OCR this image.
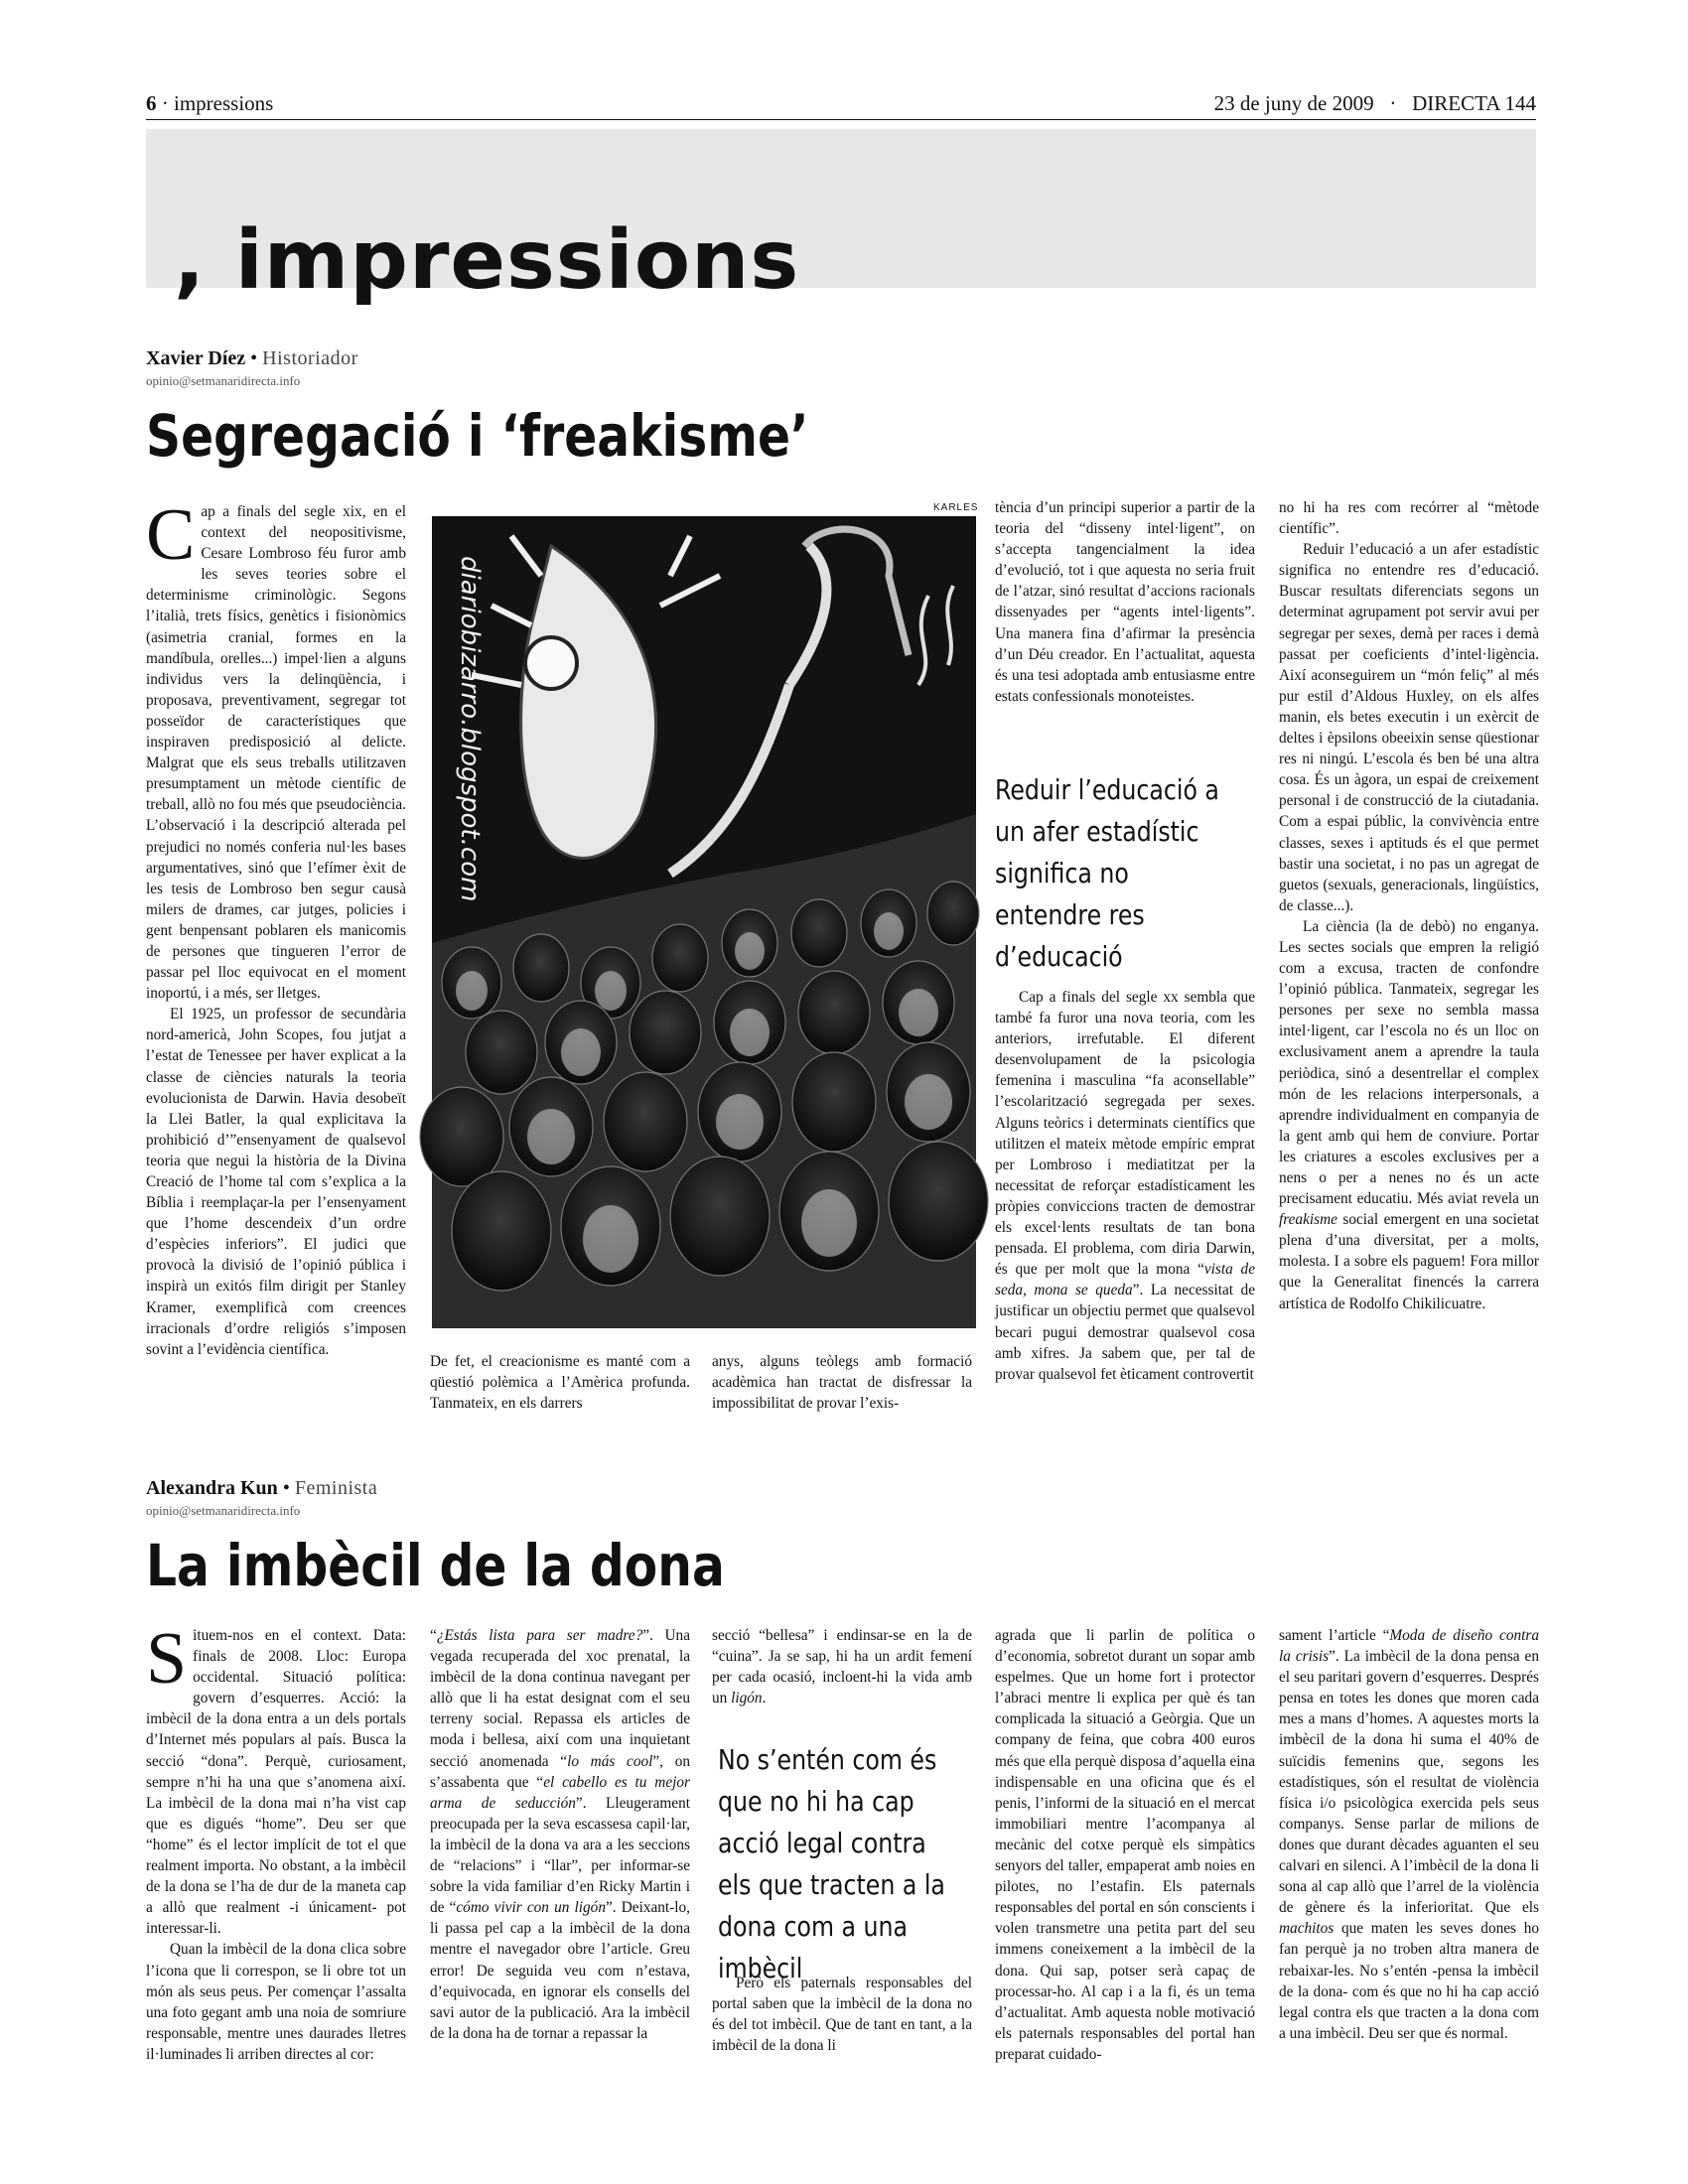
6 · impressions	23 de juny de 2009 · DIRECTA 144
, impressions
Xavier Díez • Historiador
opinio@setmanaridirecta.info
Segregació i ‘freakisme’

Cap a finals del segle xix, en el context del neopositivisme, Cesare Lombroso féu furor amb les seves teories sobre el determinisme criminològic. Segons l’italià, trets físics, genètics i fisionòmics (asimetria cranial, formes en la mandíbula, orelles...) impel·lien a alguns individus vers la delinqüència, i proposava, preventivament, segregar tot posseïdor de característiques que inspiraven predisposició al delicte. Malgrat que els seus treballs utilitzaven presumptament un mètode científic de treball, allò no fou més que pseudociència. L’observació i la descripció alterada pel prejudici no només conferia nul·les bases argumentatives, sinó que l’efímer èxit de les tesis de Lombroso ben segur causà milers de drames, car jutges, policies i gent benpensant poblaren els manicomis de persones que tingueren l’error de passar pel lloc equivocat en el moment inoportú, i a més, ser lletges.

El 1925, un professor de secundària nord-americà, John Scopes, fou jutjat a l’estat de Tenessee per haver explicat a la classe de ciències naturals la teoria evolucionista de Darwin. Havia desobeït la Llei Batler, la qual explicitava la prohibició d’”ensenyament de qualsevol teoria que negui la història de la Divina Creació de l’home tal com s’explica a la Bíblia i reemplaçar-la per l’ensenyament que l’home descendeix d’un ordre d’espècies inferiors”. El judici que provocà la divisió de l’opinió pública i inspirà un exitós film dirigit per Stanley Kramer, exemplificà com creences irracionals d’ordre religiós s’imposen sovint a l’evidència científica.

KARLES
diariobizarro.blogspot.com
De fet, el creacionisme es manté com a qüestió polèmica a l’Amèrica profunda. Tanmateix, en els darrers
anys, alguns teòlegs amb formació acadèmica han tractat de disfressar la impossibilitat de provar l’exis-

tència d’un principi superior a partir de la teoria del “disseny intel·ligent”, on s’accepta tangencialment la idea d’evolució, tot i que aquesta no seria fruit de l’atzar, sinó resultat d’accions racionals dissenyades per “agents intel·ligents”. Una manera fina d’afirmar la presència d’un Déu creador. En l’actualitat, aquesta és una tesi adoptada amb entusiasme entre estats confessionals monoteistes.

Reduir l’educació a un afer estadístic significa no entendre res d’educació

Cap a finals del segle xx sembla que també fa furor una nova teoria, com les anteriors, irrefutable. El diferent desenvolupament de la psicologia femenina i masculina “fa aconsellable” l’escolarització segregada per sexes. Alguns teòrics i determinats científics que utilitzen el mateix mètode empíric emprat per Lombroso i mediatitzat per la necessitat de reforçar estadísticament les pròpies conviccions tracten de demostrar els excel·lents resultats de tan bona pensada. El problema, com diria Darwin, és que per molt que la mona “vista de seda, mona se queda”. La necessitat de justificar un objectiu permet que qualsevol becari pugui demostrar qualsevol cosa amb xifres. Ja sabem que, per tal de provar qualsevol fet èticament controvertit

no hi ha res com recórrer al “mètode científic”.

Reduir l’educació a un afer estadístic significa no entendre res d’educació. Buscar resultats diferenciats segons un determinat agrupament pot servir avui per segregar per sexes, demà per races i demà passat per coeficients d’intel·ligència. Així aconseguirem un “món feliç” al més pur estil d’Aldous Huxley, on els alfes manin, els betes executin i un exèrcit de deltes i èpsilons obeeixin sense qüestionar res ni ningú. L’escola és ben bé una altra cosa. És un àgora, un espai de creixement personal i de construcció de la ciutadania. Com a espai públic, la convivència entre classes, sexes i aptituds és el que permet bastir una societat, i no pas un agregat de guetos (sexuals, generacionals, lingüístics, de classe...).

La ciència (la de debò) no enganya. Les sectes socials que empren la religió com a excusa, tracten de confondre l’opinió pública. Tanmateix, segregar les persones per sexe no sembla massa intel·ligent, car l’escola no és un lloc on exclusivament anem a aprendre la taula periòdica, sinó a desentrellar el complex món de les relacions interpersonals, a aprendre individualment en companyia de la gent amb qui hem de conviure. Portar les criatures a escoles exclusives per a nens o per a nenes no és un acte precisament educatiu. Més aviat revela un freakisme social emergent en una societat plena d’una diversitat, per a molts, molesta. I a sobre els paguem! Fora millor que la Generalitat finencés la carrera artística de Rodolfo Chikilicuatre.

Alexandra Kun • Feminista
opinio@setmanaridirecta.info
La imbècil de la dona

Situem-nos en el context. Data: finals de 2008. Lloc: Europa occidental. Situació política: govern d’esquerres. Acció: la imbècil de la dona entra a un dels portals d’Internet més populars al país. Busca la secció “dona”. Perquè, curiosament, sempre n’hi ha una que s’anomena així. La imbècil de la dona mai n’ha vist cap que es digués “home”. Deu ser que “home” és el lector implícit de tot el que realment importa. No obstant, a la imbècil de la dona se l’ha de dur de la maneta cap a allò que realment -i únicament- pot interessar-li.

Quan la imbècil de la dona clica sobre l’icona que li correspon, se li obre tot un món als seus peus. Per començar l’assalta una foto gegant amb una noia de somriure responsable, mentre unes daurades lletres il·luminades li arriben directes al cor:

“¿Estás lista para ser madre?”. Una vegada recuperada del xoc prenatal, la imbècil de la dona continua navegant per allò que li ha estat designat com el seu terreny social. Repassa els articles de moda i bellesa, així com una inquietant secció anomenada “lo más cool”, on s’assabenta que “el cabello es tu mejor arma de seducción”. Lleugerament preocupada per la seva escassesa capil·lar, la imbècil de la dona va ara a les seccions de “relacions” i “llar”, per informar-se sobre la vida familiar d’en Ricky Martin i de “cómo vivir con un ligón”. Deixant-lo, li passa pel cap a la imbècil de la dona mentre el navegador obre l’article. Greu error! De seguida veu com n’estava, d’equivocada, en ignorar els consells del savi autor de la publicació. Ara la imbècil de la dona ha de tornar a repassar la

secció “bellesa” i endinsar-se en la de “cuina”. Ja se sap, hi ha un ardit femení per cada ocasió, incloent-hi la vida amb un ligón.

No s’entén com és que no hi ha cap acció legal contra els que tracten a la dona com a una imbècil

Però els paternals responsables del portal saben que la imbècil de la dona no és del tot imbècil. Que de tant en tant, a la imbècil de la dona li

agrada que li parlin de política o d’economia, sobretot durant un sopar amb espelmes. Que un home fort i protector l’abraci mentre li explica per què és tan complicada la situació a Geòrgia. Que un company de feina, que cobra 400 euros més que ella perquè disposa d’aquella eina indispensable en una oficina que és el penis, l’informi de la situació en el mercat immobiliari mentre l’acompanya al mecànic del cotxe perquè els simpàtics senyors del taller, empaperat amb noies en pilotes, no l’estafin. Els paternals responsables del portal en són conscients i volen transmetre una petita part del seu immens coneixement a la imbècil de la dona. Qui sap, potser serà capaç de processar-ho. Al cap i a la fi, és un tema d’actualitat. Amb aquesta noble motivació els paternals responsables del portal han preparat cuidado-

sament l’article “Moda de diseño contra la crisis”. La imbècil de la dona pensa en el seu paritari govern d’esquerres. Després pensa en totes les dones que moren cada mes a mans d’homes. A aquestes morts la imbècil de la dona hi suma el 40% de suïcidis femenins que, segons les estadístiques, són el resultat de violència física i/o psicològica exercida pels seus companys. Sense parlar de milions de dones que durant dècades aguanten el seu calvari en silenci. A l’imbècil de la dona li sona al cap allò que l’arrel de la violència de gènere és la inferioritat. Que els machitos que maten les seves dones ho fan perquè ja no troben altra manera de rebaixar-les. No s’entén -pensa la imbècil de la dona- com és que no hi ha cap acció legal contra els que tracten a la dona com a una imbècil. Deu ser que és normal.
